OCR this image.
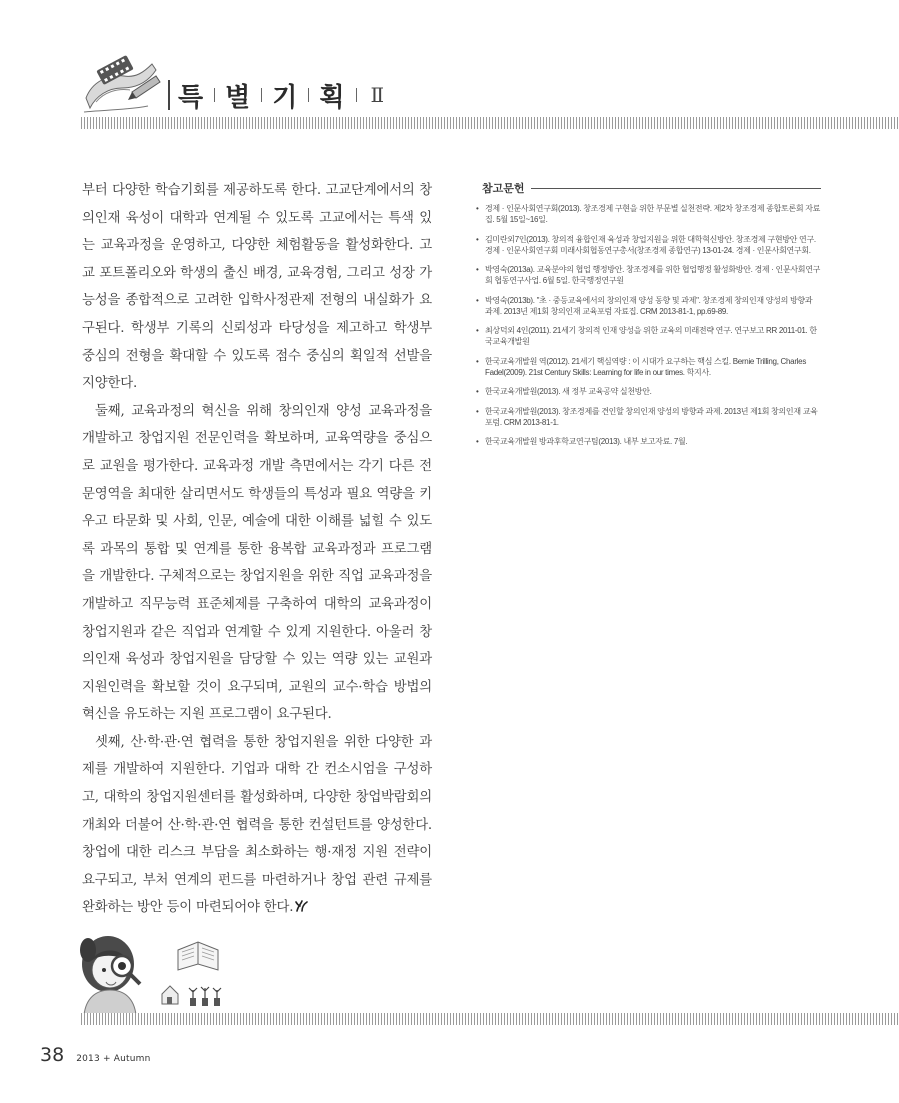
특 별 기 획 Ⅱ

부터 다양한 학습기회를 제공하도록 한다. 고교단계에서의 창의인재 육성이 대학과 연계될 수 있도록 고교에서는 특색 있는 교육과정을 운영하고, 다양한 체험활동을 활성화한다. 고교 포트폴리오와 학생의 출신 배경, 교육경험, 그리고 성장 가능성을 종합적으로 고려한 입학사정관제 전형의 내실화가 요구된다. 학생부 기록의 신뢰성과 타당성을 제고하고 학생부 중심의 전형을 확대할 수 있도록 점수 중심의 획일적 선발을 지양한다.

둘째, 교육과정의 혁신을 위해 창의인재 양성 교육과정을 개발하고 창업지원 전문인력을 확보하며, 교육역량을 중심으로 교원을 평가한다. 교육과정 개발 측면에서는 각기 다른 전문영역을 최대한 살리면서도 학생들의 특성과 필요 역량을 키우고 타문화 및 사회, 인문, 예술에 대한 이해를 넓힐 수 있도록 과목의 통합 및 연계를 통한 융복합 교육과정과 프로그램을 개발한다. 구체적으로는 창업지원을 위한 직업 교육과정을 개발하고 직무능력 표준체제를 구축하여 대학의 교육과정이 창업지원과 같은 직업과 연계할 수 있게 지원한다. 아울러 창의인재 육성과 창업지원을 담당할 수 있는 역량 있는 교원과 지원인력을 확보할 것이 요구되며, 교원의 교수·학습 방법의 혁신을 유도하는 지원 프로그램이 요구된다.

셋째, 산·학·관·연 협력을 통한 창업지원을 위한 다양한 과제를 개발하여 지원한다. 기업과 대학 간 컨소시엄을 구성하고, 대학의 창업지원센터를 활성화하며, 다양한 창업박람회의 개최와 더불어 산·학·관·연 협력을 통한 컨설턴트를 양성한다. 창업에 대한 리스크 부담을 최소화하는 행·재정 지원 전략이 요구되고, 부처 연계의 펀드를 마련하거나 창업 관련 규제를 완화하는 방안 등이 마련되어야 한다.

참고문헌
• 경제 · 인문사회연구회(2013). 창조경제 구현을 위한 부문별 실천전략. 제2차 창조경제 종합토론회 자료집. 5월 15일~16일.
• 김미란외7인(2013). 창의적 융합인재 육성과 창업지원을 위한 대학혁신방안. 창조경제 구현방안 연구. 경제 · 인문사회연구회 미래사회협동연구총서(창조경제 종합연구) 13-01-24. 경제 · 인문사회연구회.
• 박영숙(2013a). 교육분야의 협업 행정방안. 창조경제를 위한 협업행정 활성화방안. 경제 · 인문사회연구회 협동연구사업. 6월 5일. 한국행정연구원
• 박영숙(2013b). "초 · 중등교육에서의 창의인재 양성 동향 및 과제". 창조경제 창의인재 양성의 방향과 과제. 2013년 제1회 창의인재 교육포럼 자료집. CRM 2013-81-1, pp.69-89.
• 최상덕외 4인(2011). 21세기 창의적 인재 양성을 위한 교육의 미래전략 연구. 연구보고 RR 2011-01. 한국교육개발원
• 한국교육개발원 역(2012). 21세기 핵심역량 : 이 시대가 요구하는 핵심 스킬. Bernie Trilling, Charles Fadel(2009). 21st Century Skills: Learning for life in our times. 학지사.
• 한국교육개발원(2013). 새 정부 교육공약 실천방안.
• 한국교육개발원(2013). 창조경제를 견인할 창의인재 양성의 방향과 과제. 2013년 제1회 창의인재 교육포럼. CRM 2013-81-1.
• 한국교육개발원 방과후학교연구팀(2013). 내부 보고자료. 7월.
38 2013 + Autumn
